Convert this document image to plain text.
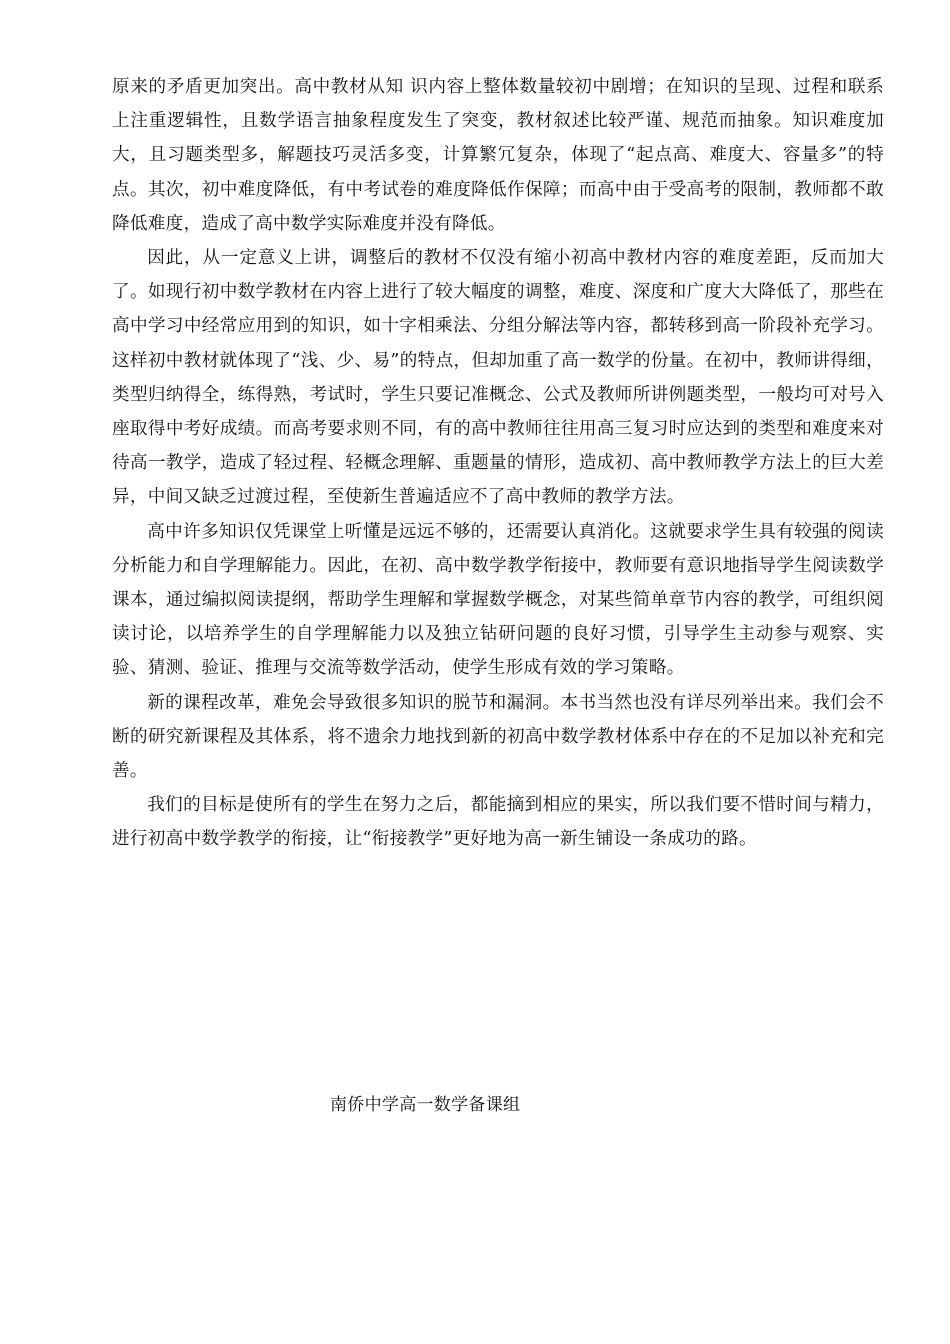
原来的矛盾更加突出。高中教材从知 识内容上整体数量较初中剧增；在知识的呈现、过程和联系上注重逻辑性，且数学语言抽象程度发生了突变，教材叙述比较严谨、规范而抽象。知识难度加大，且习题类型多，解题技巧灵活多变，计算繁冗复杂，体现了“起点高、难度大、容量多”的特点。其次，初中难度降低，有中考试卷的难度降低作保障；而高中由于受高考的限制，教师都不敢降低难度，造成了高中数学实际难度并没有降低。

因此，从一定意义上讲，调整后的教材不仅没有缩小初高中教材内容的难度差距，反而加大了。如现行初中数学教材在内容上进行了较大幅度的调整，难度、深度和广度大大降低了，那些在高中学习中经常应用到的知识，如十字相乘法、分组分解法等内容，都转移到高一阶段补充学习。这样初中教材就体现了“浅、少、易”的特点，但却加重了高一数学的份量。在初中，教师讲得细，类型归纳得全，练得熟，考试时，学生只要记准概念、公式及教师所讲例题类型，一般均可对号入座取得中考好成绩。而高考要求则不同，有的高中教师往往用高三复习时应达到的类型和难度来对待高一教学，造成了轻过程、轻概念理解、重题量的情形，造成初、高中教师教学方法上的巨大差异，中间又缺乏过渡过程，至使新生普遍适应不了高中教师的教学方法。

高中许多知识仅凭课堂上听懂是远远不够的，还需要认真消化。这就要求学生具有较强的阅读分析能力和自学理解能力。因此，在初、高中数学教学衔接中，教师要有意识地指导学生阅读数学课本，通过编拟阅读提纲，帮助学生理解和掌握数学概念，对某些简单章节内容的教学，可组织阅读讨论，以培养学生的自学理解能力以及独立钻研问题的良好习惯，引导学生主动参与观察、实验、猜测、验证、推理与交流等数学活动，使学生形成有效的学习策略。

新的课程改革，难免会导致很多知识的脱节和漏洞。本书当然也没有详尽列举出来。我们会不断的研究新课程及其体系，将不遗余力地找到新的初高中数学教材体系中存在的不足加以补充和完善。

我们的目标是使所有的学生在努力之后，都能摘到相应的果实，所以我们要不惜时间与精力，进行初高中数学教学的衔接，让“衔接教学”更好地为高一新生铺设一条成功的路。

南侨中学高一数学备课组
